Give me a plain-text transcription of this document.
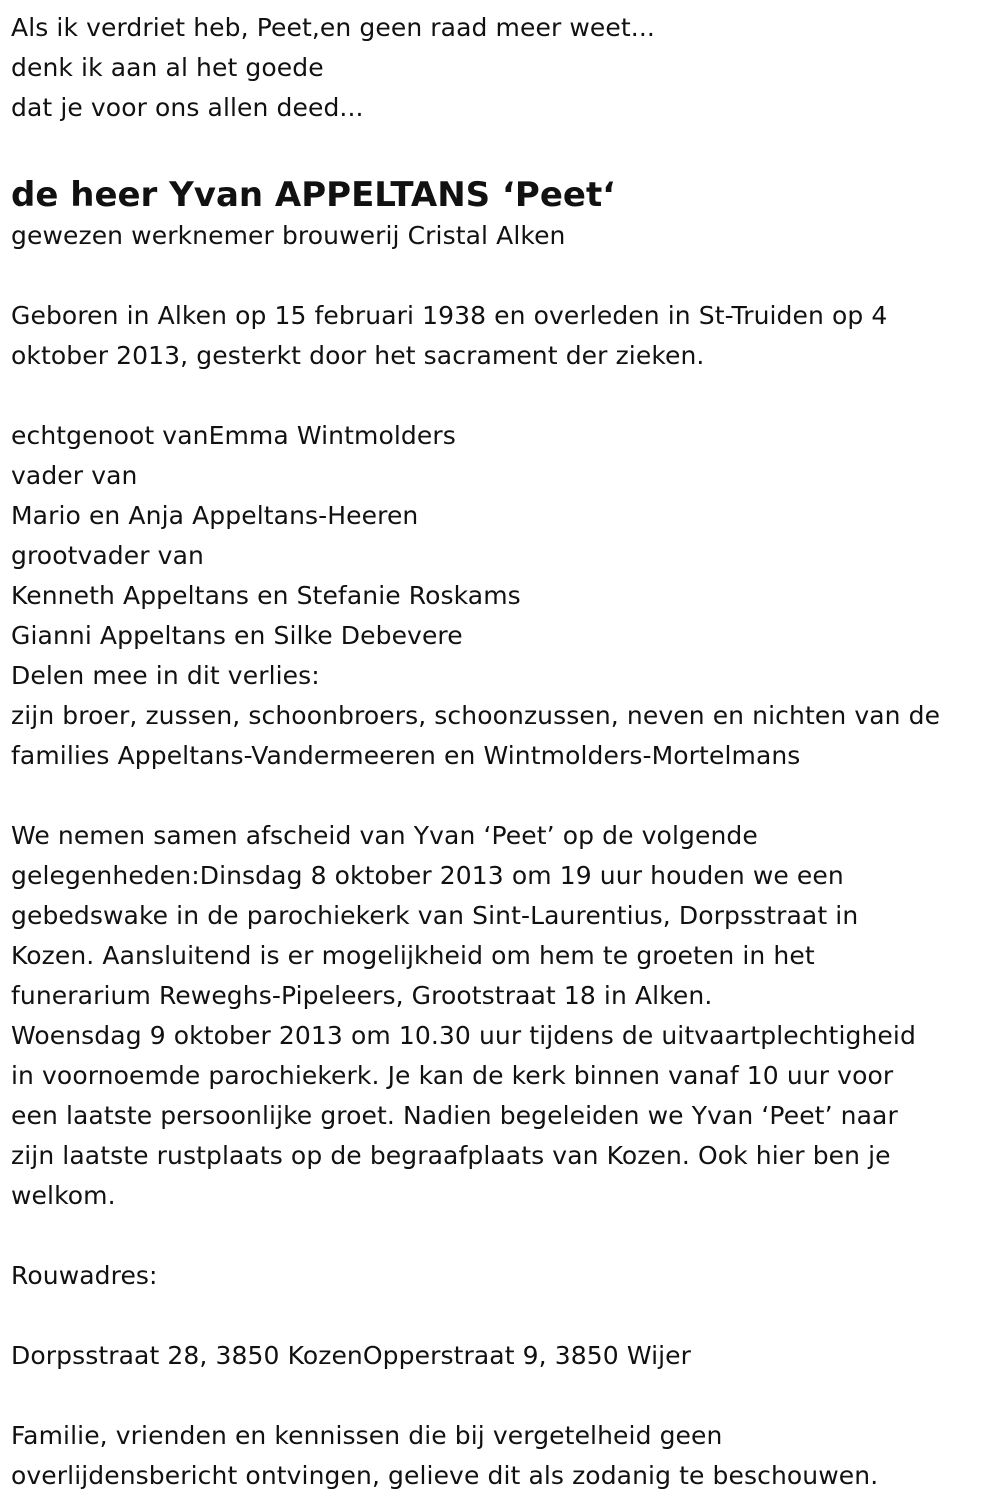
Als ik verdriet heb, Peet,en geen raad meer weet...
denk ik aan al het goede
dat je voor ons allen deed...
de heer Yvan APPELTANS ‘Peet‘
gewezen werknemer brouwerij Cristal Alken
Geboren in Alken op 15 februari 1938 en overleden in St-Truiden op 4
oktober 2013, gesterkt door het sacrament der zieken.
echtgenoot vanEmma Wintmolders
vader van
Mario en Anja Appeltans-Heeren
grootvader van
Kenneth Appeltans en Stefanie Roskams
Gianni Appeltans en Silke Debevere
Delen mee in dit verlies:
zijn broer, zussen, schoonbroers, schoonzussen, neven en nichten van de
families Appeltans-Vandermeeren en Wintmolders-Mortelmans
We nemen samen afscheid van Yvan ‘Peet’ op de volgende
gelegenheden:Dinsdag 8 oktober 2013 om 19 uur houden we een
gebedswake in de parochiekerk van Sint-Laurentius, Dorpsstraat in
Kozen. Aansluitend is er mogelijkheid om hem te groeten in het
funerarium Reweghs-Pipeleers, Grootstraat 18 in Alken.
Woensdag 9 oktober 2013 om 10.30 uur tijdens de uitvaartplechtigheid
in voornoemde parochiekerk. Je kan de kerk binnen vanaf 10 uur voor
een laatste persoonlijke groet. Nadien begeleiden we Yvan ‘Peet’ naar
zijn laatste rustplaats op de begraafplaats van Kozen. Ook hier ben je
welkom.
Rouwadres:
Dorpsstraat 28, 3850 KozenOpperstraat 9, 3850 Wijer
Familie, vrienden en kennissen die bij vergetelheid geen
overlijdensbericht ontvingen, gelieve dit als zodanig te beschouwen.
